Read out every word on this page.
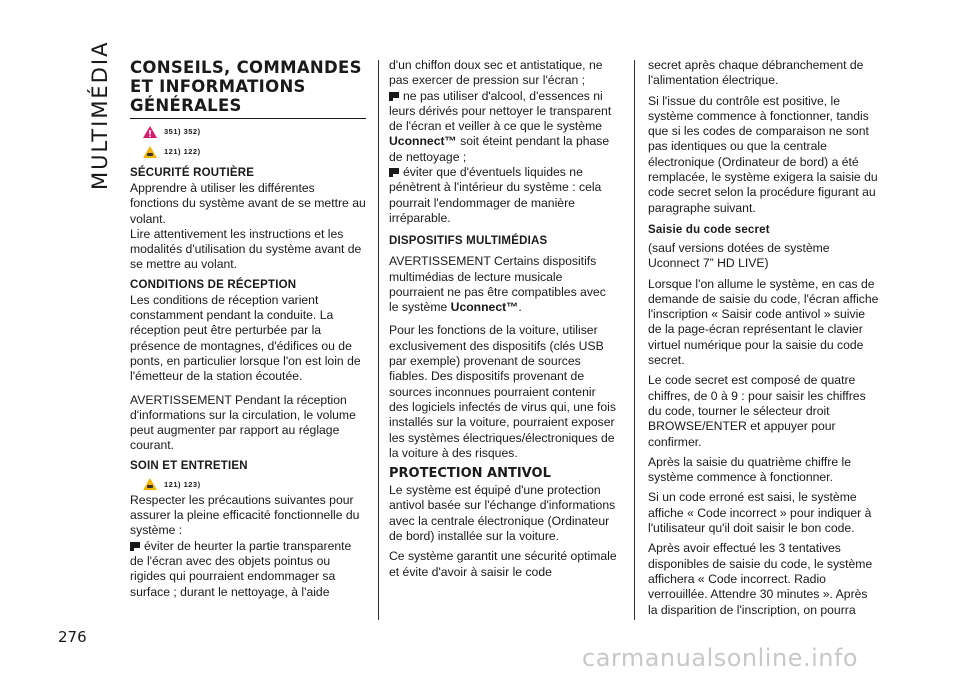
MULTIMÉDIA
276
CONSEILS, COMMANDES
ET INFORMATIONS
GÉNÉRALES
351) 352)
121) 122)
SÉCURITÉ ROUTIÈRE

Apprendre à utiliser les différentes fonctions du système avant de se mettre au volant.

Lire attentivement les instructions et les modalités d'utilisation du système avant de se mettre au volant.

CONDITIONS DE RÉCEPTION

Les conditions de réception varient constamment pendant la conduite. La réception peut être perturbée par la présence de montagnes, d'édifices ou de ponts, en particulier lorsque l'on est loin de l'émetteur de la station écoutée.

AVERTISSEMENT Pendant la réception d'informations sur la circulation, le volume peut augmenter par rapport au réglage courant.

SOIN ET ENTRETIEN
121) 123)

Respecter les précautions suivantes pour assurer la pleine efficacité fonctionnelle du système :

éviter de heurter la partie transparente de l'écran avec des objets pointus ou rigides qui pourraient endommager sa surface ; durant le nettoyage, à l'aide

d'un chiffon doux sec et antistatique, ne pas exercer de pression sur l'écran ;

ne pas utiliser d'alcool, d'essences ni leurs dérivés pour nettoyer le transparent de l'écran et veiller à ce que le système Uconnect™ soit éteint pendant la phase de nettoyage ;

éviter que d'éventuels liquides ne pénètrent à l'intérieur du système : cela pourrait l'endommager de manière irréparable.

DISPOSITIFS MULTIMÉDIAS

AVERTISSEMENT Certains dispositifs multimédias de lecture musicale pourraient ne pas être compatibles avec le système Uconnect™.

Pour les fonctions de la voiture, utiliser exclusivement des dispositifs (clés USB par exemple) provenant de sources fiables. Des dispositifs provenant de sources inconnues pourraient contenir des logiciels infectés de virus qui, une fois installés sur la voiture, pourraient exposer les systèmes électriques/électroniques de la voiture à des risques.

PROTECTION ANTIVOL

Le système est équipé d'une protection antivol basée sur l'échange d'informations avec la centrale électronique (Ordinateur de bord) installée sur la voiture.

Ce système garantit une sécurité optimale et évite d'avoir à saisir le code

secret après chaque débranchement de l'alimentation électrique.

Si l'issue du contrôle est positive, le système commence à fonctionner, tandis que si les codes de comparaison ne sont pas identiques ou que la centrale électronique (Ordinateur de bord) a été remplacée, le système exigera la saisie du code secret selon la procédure figurant au paragraphe suivant.

Saisie du code secret

(sauf versions dotées de système Uconnect 7” HD LIVE)

Lorsque l'on allume le système, en cas de demande de saisie du code, l'écran affiche l'inscription « Saisir code antivol » suivie de la page-écran représentant le clavier virtuel numérique pour la saisie du code secret.

Le code secret est composé de quatre chiffres, de 0 à 9 : pour saisir les chiffres du code, tourner le sélecteur droit BROWSE/ENTER et appuyer pour confirmer.

Après la saisie du quatrième chiffre le système commence à fonctionner.

Si un code erroné est saisi, le système affiche « Code incorrect » pour indiquer à l'utilisateur qu'il doit saisir le bon code.

Après avoir effectué les 3 tentatives disponibles de saisie du code, le système affichera « Code incorrect. Radio verrouillée. Attendre 30 minutes ». Après la disparition de l'inscription, on pourra

carmanualsonline.info
